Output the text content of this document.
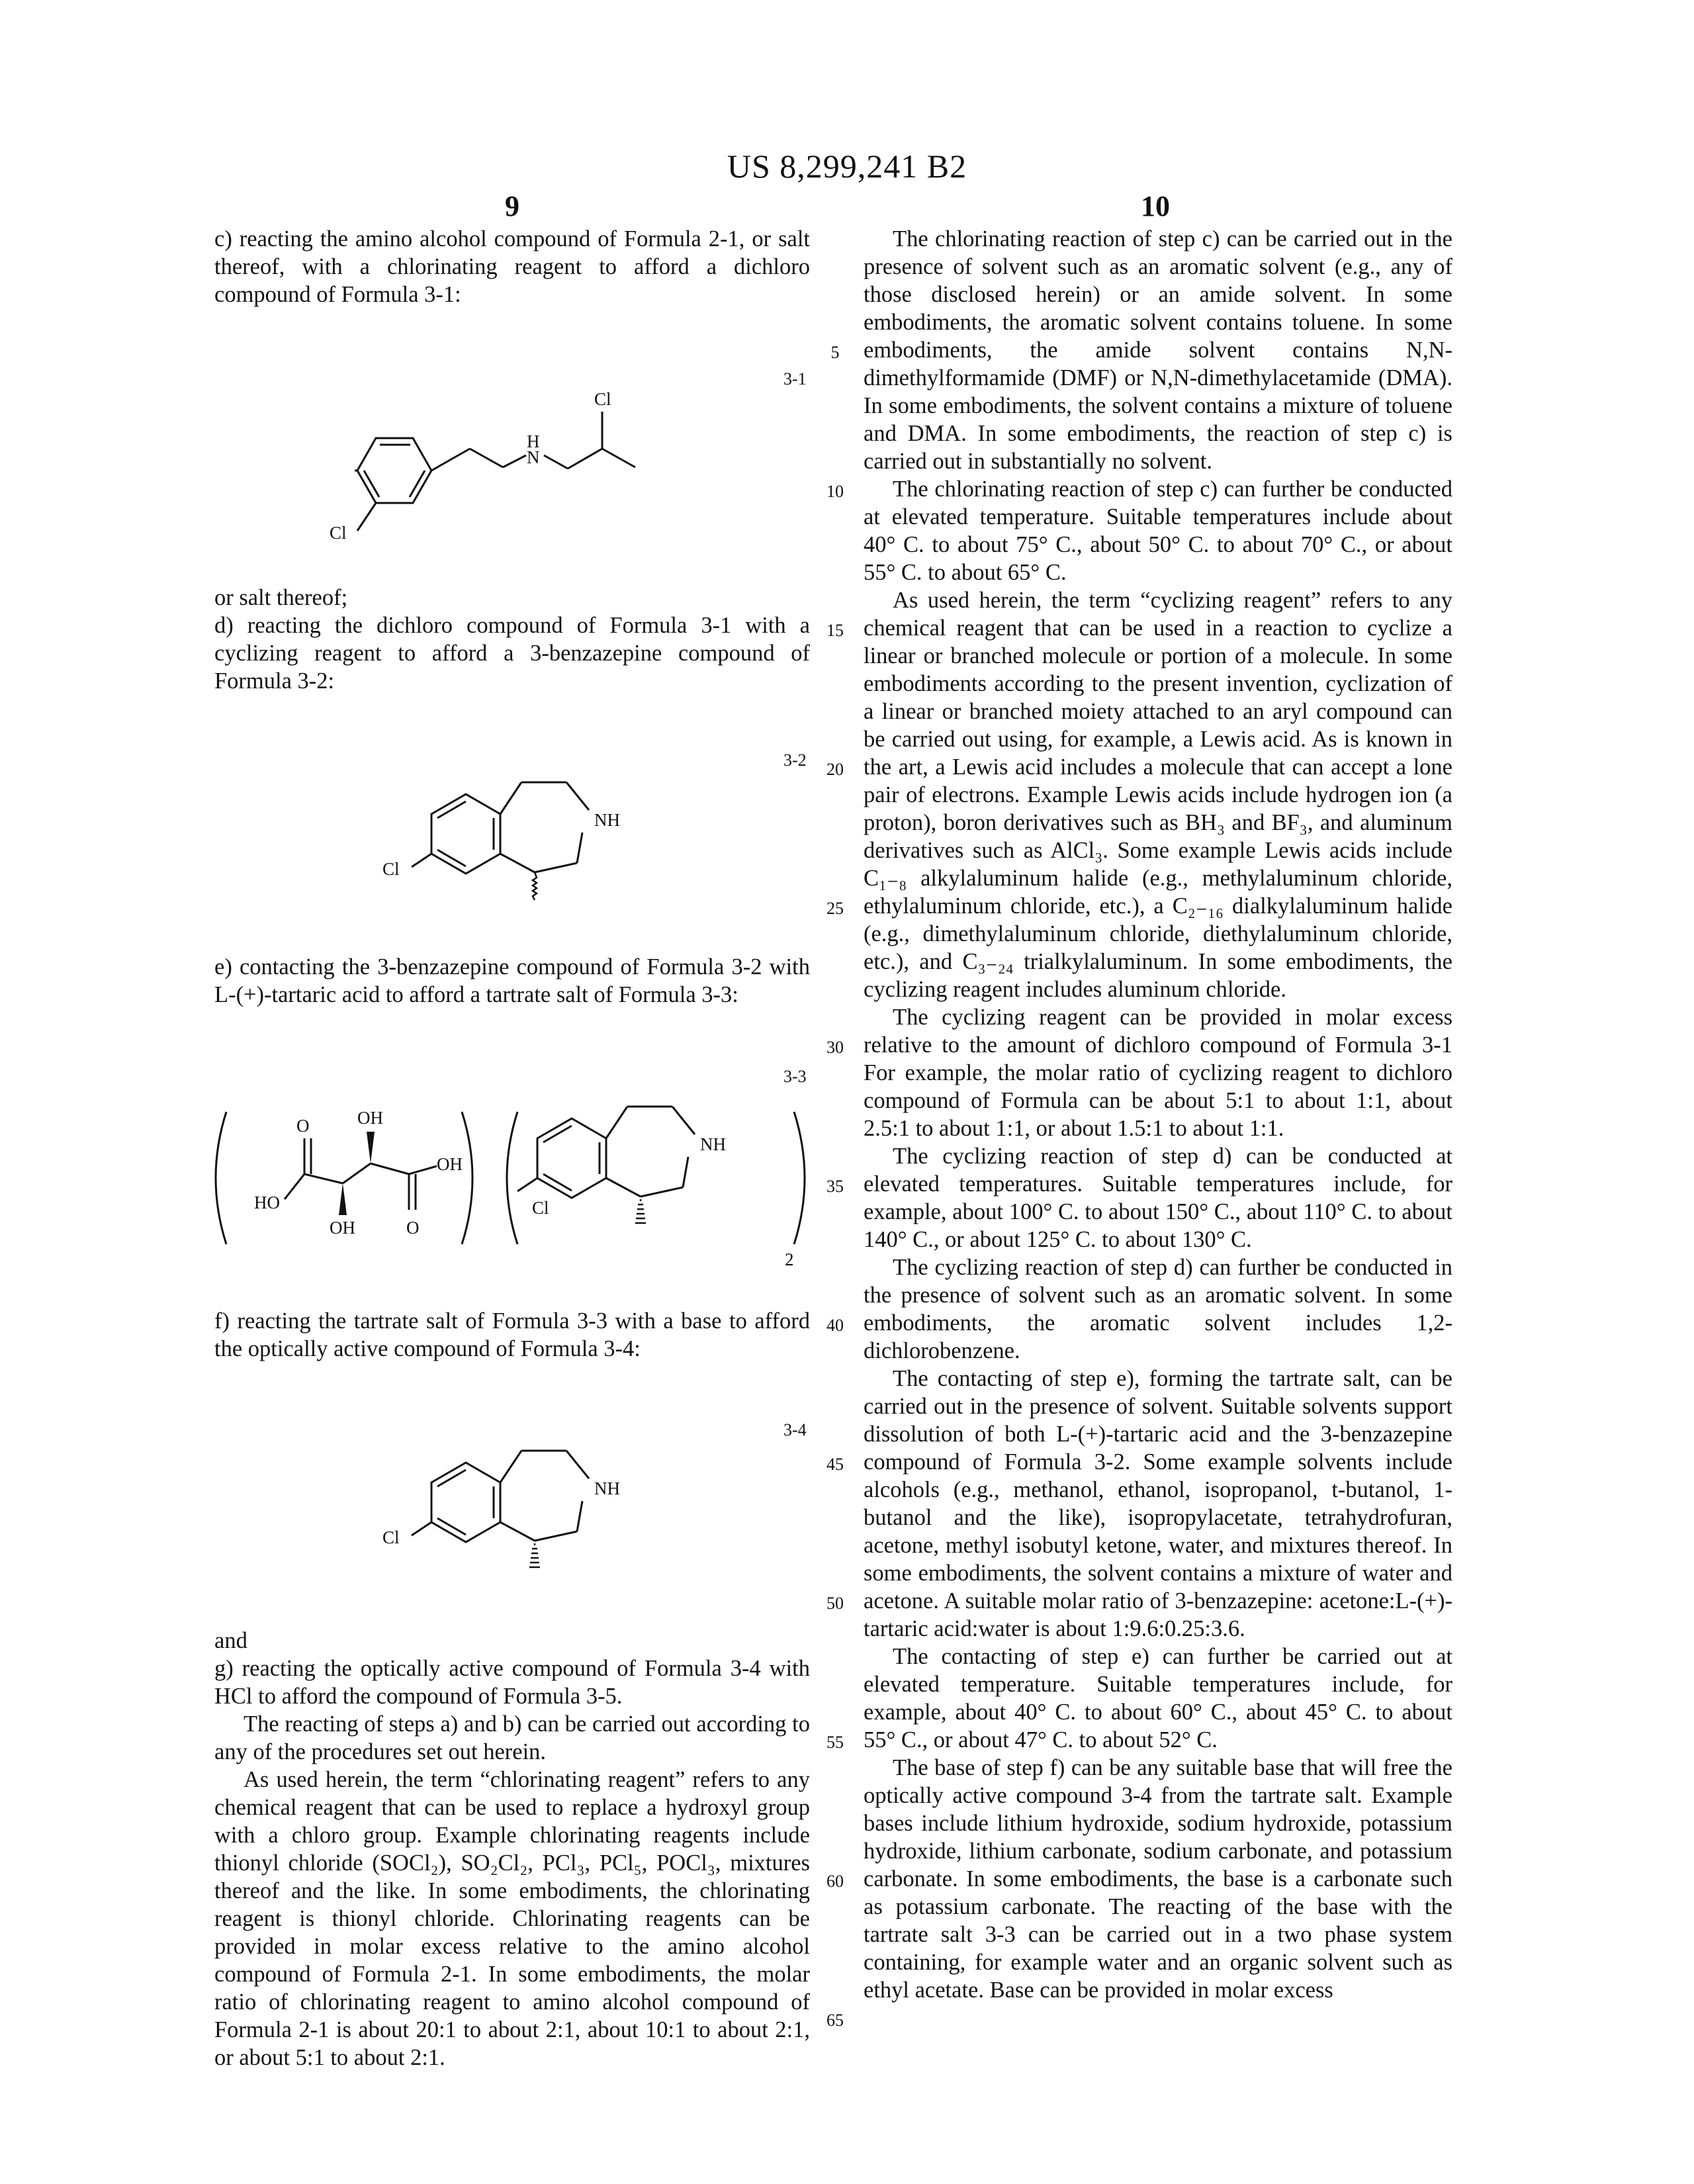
US 8,299,241 B2
9	10

c) reacting the amino alcohol compound of Formula 2-1, or salt thereof, with a chlorinating reagent to afford a dichloro compound of Formula 3-1:

or salt thereof;

d) reacting the dichloro compound of Formula 3-1 with a cyclizing reagent to afford a 3-benzazepine compound of Formula 3-2:

e) contacting the 3-benzazepine compound of Formula 3-2 with L-(+)-tartaric acid to afford a tartrate salt of Formula 3-3:

f) reacting the tartrate salt of Formula 3-3 with a base to afford the optically active compound of Formula 3-4:

and

g) reacting the optically active compound of Formula 3-4 with HCl to afford the compound of Formula 3-5.

The reacting of steps a) and b) can be carried out according to any of the procedures set out herein.

As used herein, the term “chlorinating reagent” refers to any chemical reagent that can be used to replace a hydroxyl group with a chloro group. Example chlorinating reagents include thionyl chloride (SOCl₂), SO₂Cl₂, PCl₃, PCl₅, POCl₃, mixtures thereof and the like. In some embodiments, the chlorinating reagent is thionyl chloride. Chlorinating reagents can be provided in molar excess relative to the amino alcohol compound of Formula 2-1. In some embodiments, the molar ratio of chlorinating reagent to amino alcohol compound of Formula 2-1 is about 20:1 to about 2:1, about 10:1 to about 2:1, or about 5:1 to about 2:1.

The chlorinating reaction of step c) can be carried out in the presence of solvent such as an aromatic solvent (e.g., any of those disclosed herein) or an amide solvent. In some embodiments, the aromatic solvent contains toluene. In some embodiments, the amide solvent contains N,N-dimethylformamide (DMF) or N,N-dimethylacetamide (DMA). In some embodiments, the solvent contains a mixture of toluene and DMA. In some embodiments, the reaction of step c) is carried out in substantially no solvent.

The chlorinating reaction of step c) can further be conducted at elevated temperature. Suitable temperatures include about 40° C. to about 75° C., about 50° C. to about 70° C., or about 55° C. to about 65° C.

As used herein, the term “cyclizing reagent” refers to any chemical reagent that can be used in a reaction to cyclize a linear or branched molecule or portion of a molecule. In some embodiments according to the present invention, cyclization of a linear or branched moiety attached to an aryl compound can be carried out using, for example, a Lewis acid. As is known in the art, a Lewis acid includes a molecule that can accept a lone pair of electrons. Example Lewis acids include hydrogen ion (a proton), boron derivatives such as BH₃ and BF₃, and aluminum derivatives such as AlCl₃. Some example Lewis acids include C₁₋₈ alkylaluminum halide (e.g., methylaluminum chloride, ethylaluminum chloride, etc.), a C₂₋₁₆ dialkylaluminum halide (e.g., dimethylaluminum chloride, diethylaluminum chloride, etc.), and C₃₋₂₄ trialkylaluminum. In some embodiments, the cyclizing reagent includes aluminum chloride.

The cyclizing reagent can be provided in molar excess relative to the amount of dichloro compound of Formula 3-1 For example, the molar ratio of cyclizing reagent to dichloro compound of Formula can be about 5:1 to about 1:1, about 2.5:1 to about 1:1, or about 1.5:1 to about 1:1.

The cyclizing reaction of step d) can be conducted at elevated temperatures. Suitable temperatures include, for example, about 100° C. to about 150° C., about 110° C. to about 140° C., or about 125° C. to about 130° C.

The cyclizing reaction of step d) can further be conducted in the presence of solvent such as an aromatic solvent. In some embodiments, the aromatic solvent includes 1,2-dichlorobenzene.

The contacting of step e), forming the tartrate salt, can be carried out in the presence of solvent. Suitable solvents support dissolution of both L-(+)-tartaric acid and the 3-benzazepine compound of Formula 3-2. Some example solvents include alcohols (e.g., methanol, ethanol, isopropanol, t-butanol, 1-butanol and the like), isopropylacetate, tetrahydrofuran, acetone, methyl isobutyl ketone, water, and mixtures thereof. In some embodiments, the solvent contains a mixture of water and acetone. A suitable molar ratio of 3-benzazepine: acetone:L-(+)-tartaric acid:water is about 1:9.6:0.25:3.6.

The contacting of step e) can further be carried out at elevated temperature. Suitable temperatures include, for example, about 40° C. to about 60° C., about 45° C. to about 55° C., or about 47° C. to about 52° C.

The base of step f) can be any suitable base that will free the optically active compound 3-4 from the tartrate salt. Example bases include lithium hydroxide, sodium hydroxide, potassium hydroxide, lithium carbonate, sodium carbonate, and potassium carbonate. In some embodiments, the base is a carbonate such as potassium carbonate. The reacting of the base with the tartrate salt 3-3 can be carried out in a two phase system containing, for example water and an organic solvent such as ethyl acetate. Base can be provided in molar excess

5
10
15
20
25
30
35
40
45
50
55
60
65
3-1
3-2
3-3
3-4
Cl
H
N
Cl
NH
Cl
O	OH
OH
HO
OH	O
NH
Cl
2
NH
Cl
